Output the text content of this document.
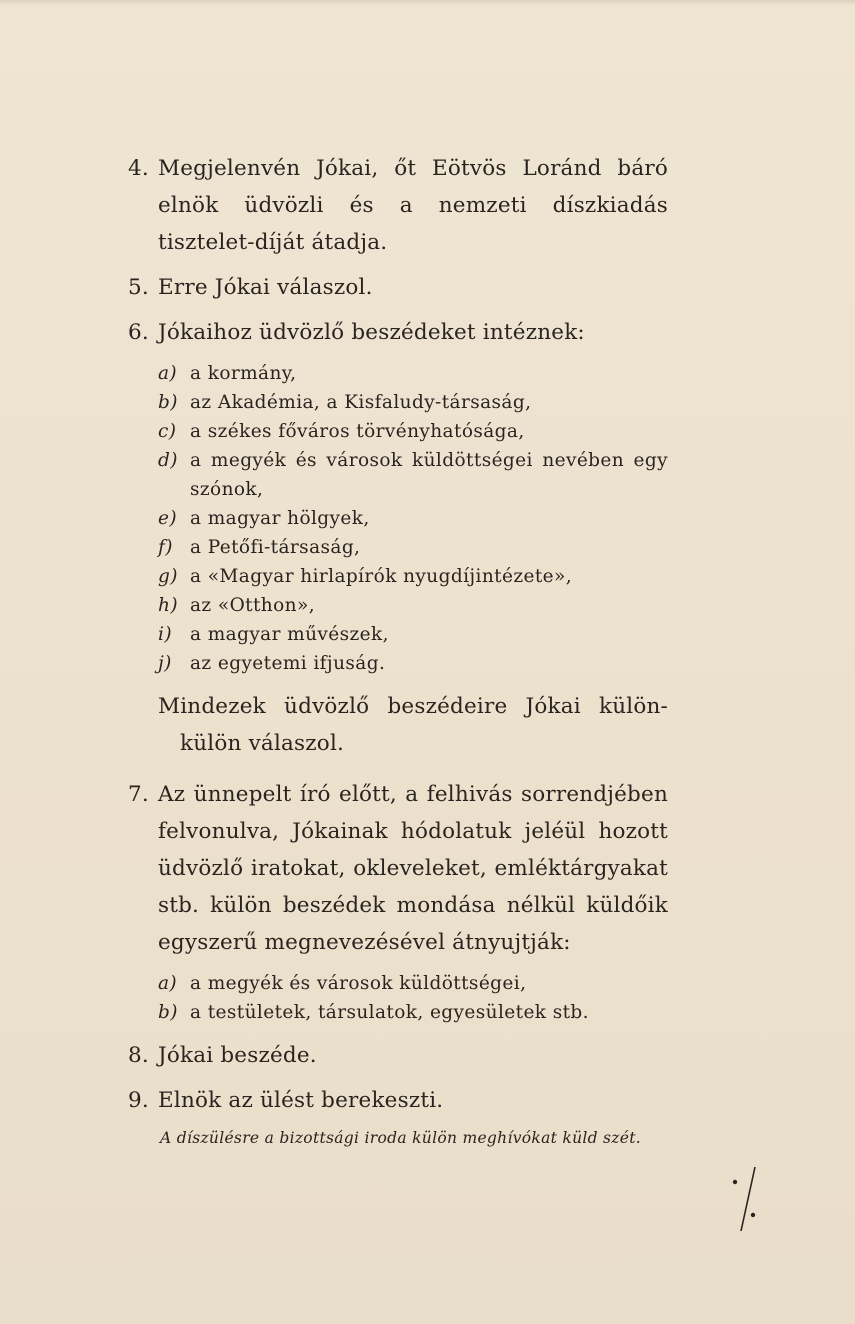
4. Megjelenvén Jókai, őt Eötvös Loránd báró elnök üdvözli és a nemzeti díszkiadás tisztelet-díját átadja.
5. Erre Jókai válaszol.
6. Jókaihoz üdvözlő beszédeket intéznek:
a) a kormány,
b) az Akadémia, a Kisfaludy-társaság,
c) a székes főváros törvényhatósága,
d) a megyék és városok küldöttségei nevében egy szónok,
e) a magyar hölgyek,
f) a Petőfi-társaság,
g) a «Magyar hirlapírók nyugdíjintézete»,
h) az «Otthon»,
i) a magyar művészek,
j) az egyetemi ifjuság.
Mindezek üdvözlő beszédeire Jókai külön-külön válaszol.
7. Az ünnepelt író előtt, a felhivás sorrendjében felvonulva, Jókainak hódolatuk jeléül hozott üdvözlő iratokat, okleveleket, emléktárgyakat stb. külön beszédek mondása nélkül küldőik egyszerű megnevezésével átnyujtják:
a) a megyék és városok küldöttségei,
b) a testületek, társulatok, egyesületek stb.
8. Jókai beszéde.
9. Elnök az ülést berekeszti.
A díszülésre a bizottsági iroda külön meghívókat küld szét.
